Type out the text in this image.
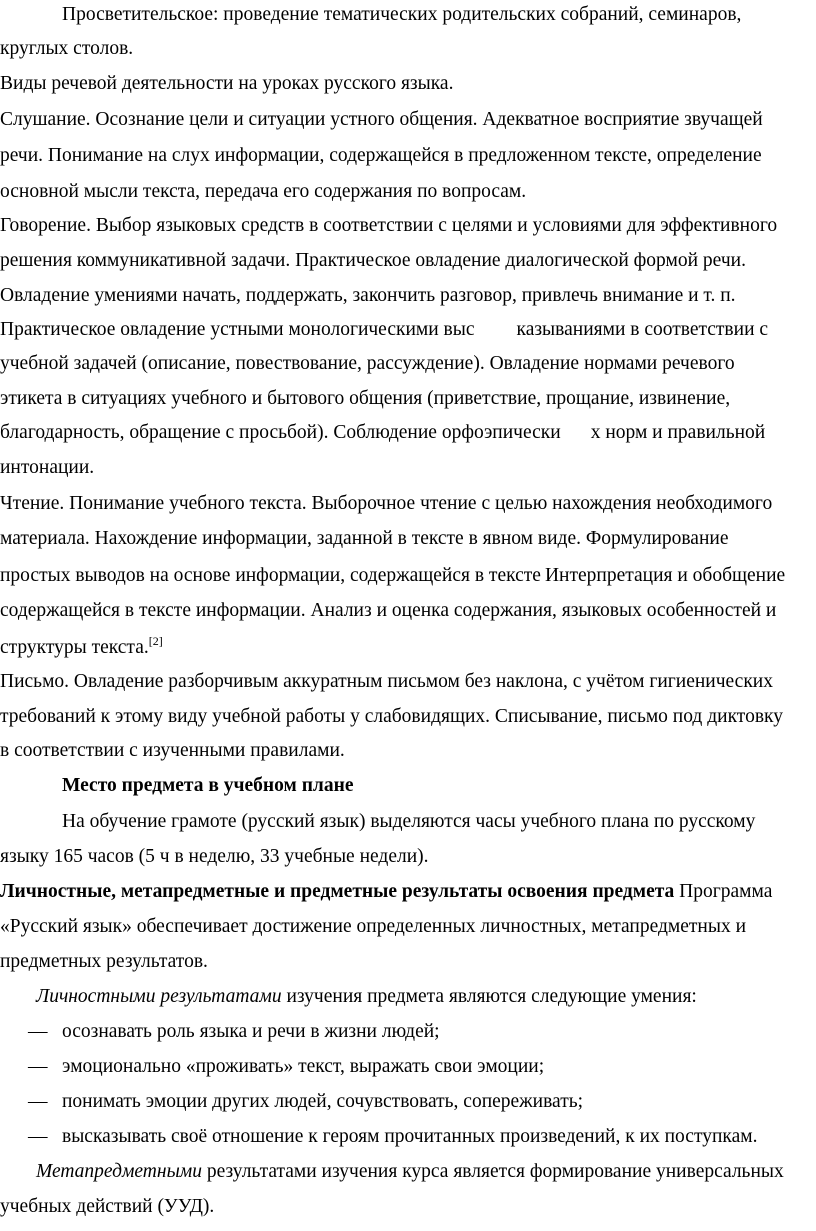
Просветительское: проведение тематических родительских собраний, семинаров,
круглых столов.
Виды речевой деятельности на уроках русского языка.
Слушание. Осознание цели и ситуации устного общения. Адекватное восприятие звучащей
речи. Понимание на слух информации, содержащейся в предложенном тексте, определение
основной мысли текста, передача его содержания по вопросам.
Говорение. Выбор языковых средств в соответствии с целями и условиями для эффективного
решения коммуникативной задачи. Практическое овладение диалогической формой речи.
Овладение умениями начать, поддержать, закончить разговор, привлечь внимание и т. п.
Практическое овладение устными монологическими выс казываниями в соответствии с
учебной задачей (описание, повествование, рассуждение). Овладение нормами речевого
этикета в ситуациях учебного и бытового общения (приветствие, прощание, извинение,
благодарность, обращение с просьбой). Соблюдение орфоэпически х норм и правильной
интонации.
Чтение. Понимание учебного текста. Выборочное чтение с целью нахождения необходимого
материала. Нахождение информации, заданной в тексте в явном виде. Формулирование
простых выводов на основе информации, содержащейся в тексте Интерпретация и обобщение
содержащейся в тексте информации. Анализ и оценка содержания, языковых особенностей и
структуры текста.[2]
Письмо. Овладение разборчивым аккуратным письмом без наклона, с учётом гигиенических
требований к этому виду учебной работы у слабовидящих. Списывание, письмо под диктовку
в соответствии с изученными правилами.
Место предмета в учебном плане
На обучение грамоте (русский язык) выделяются часы учебного плана по русскому
языку 165 часов (5 ч в неделю, 33 учебные недели).
Личностные, метапредметные и предметные результаты освоения предмета Программа
«Русский язык» обеспечивает достижение определенных личностных, метапредметных и
предметных результатов.
Личностными результатами изучения предмета являются следующие умения:
— осознавать роль языка и речи в жизни людей;
— эмоционально «проживать» текст, выражать свои эмоции;
— понимать эмоции других людей, сочувствовать, сопереживать;
— высказывать своё отношение к героям прочитанных произведений, к их поступкам.
Метапредметными результатами изучения курса является формирование универсальных
учебных действий (УУД).
